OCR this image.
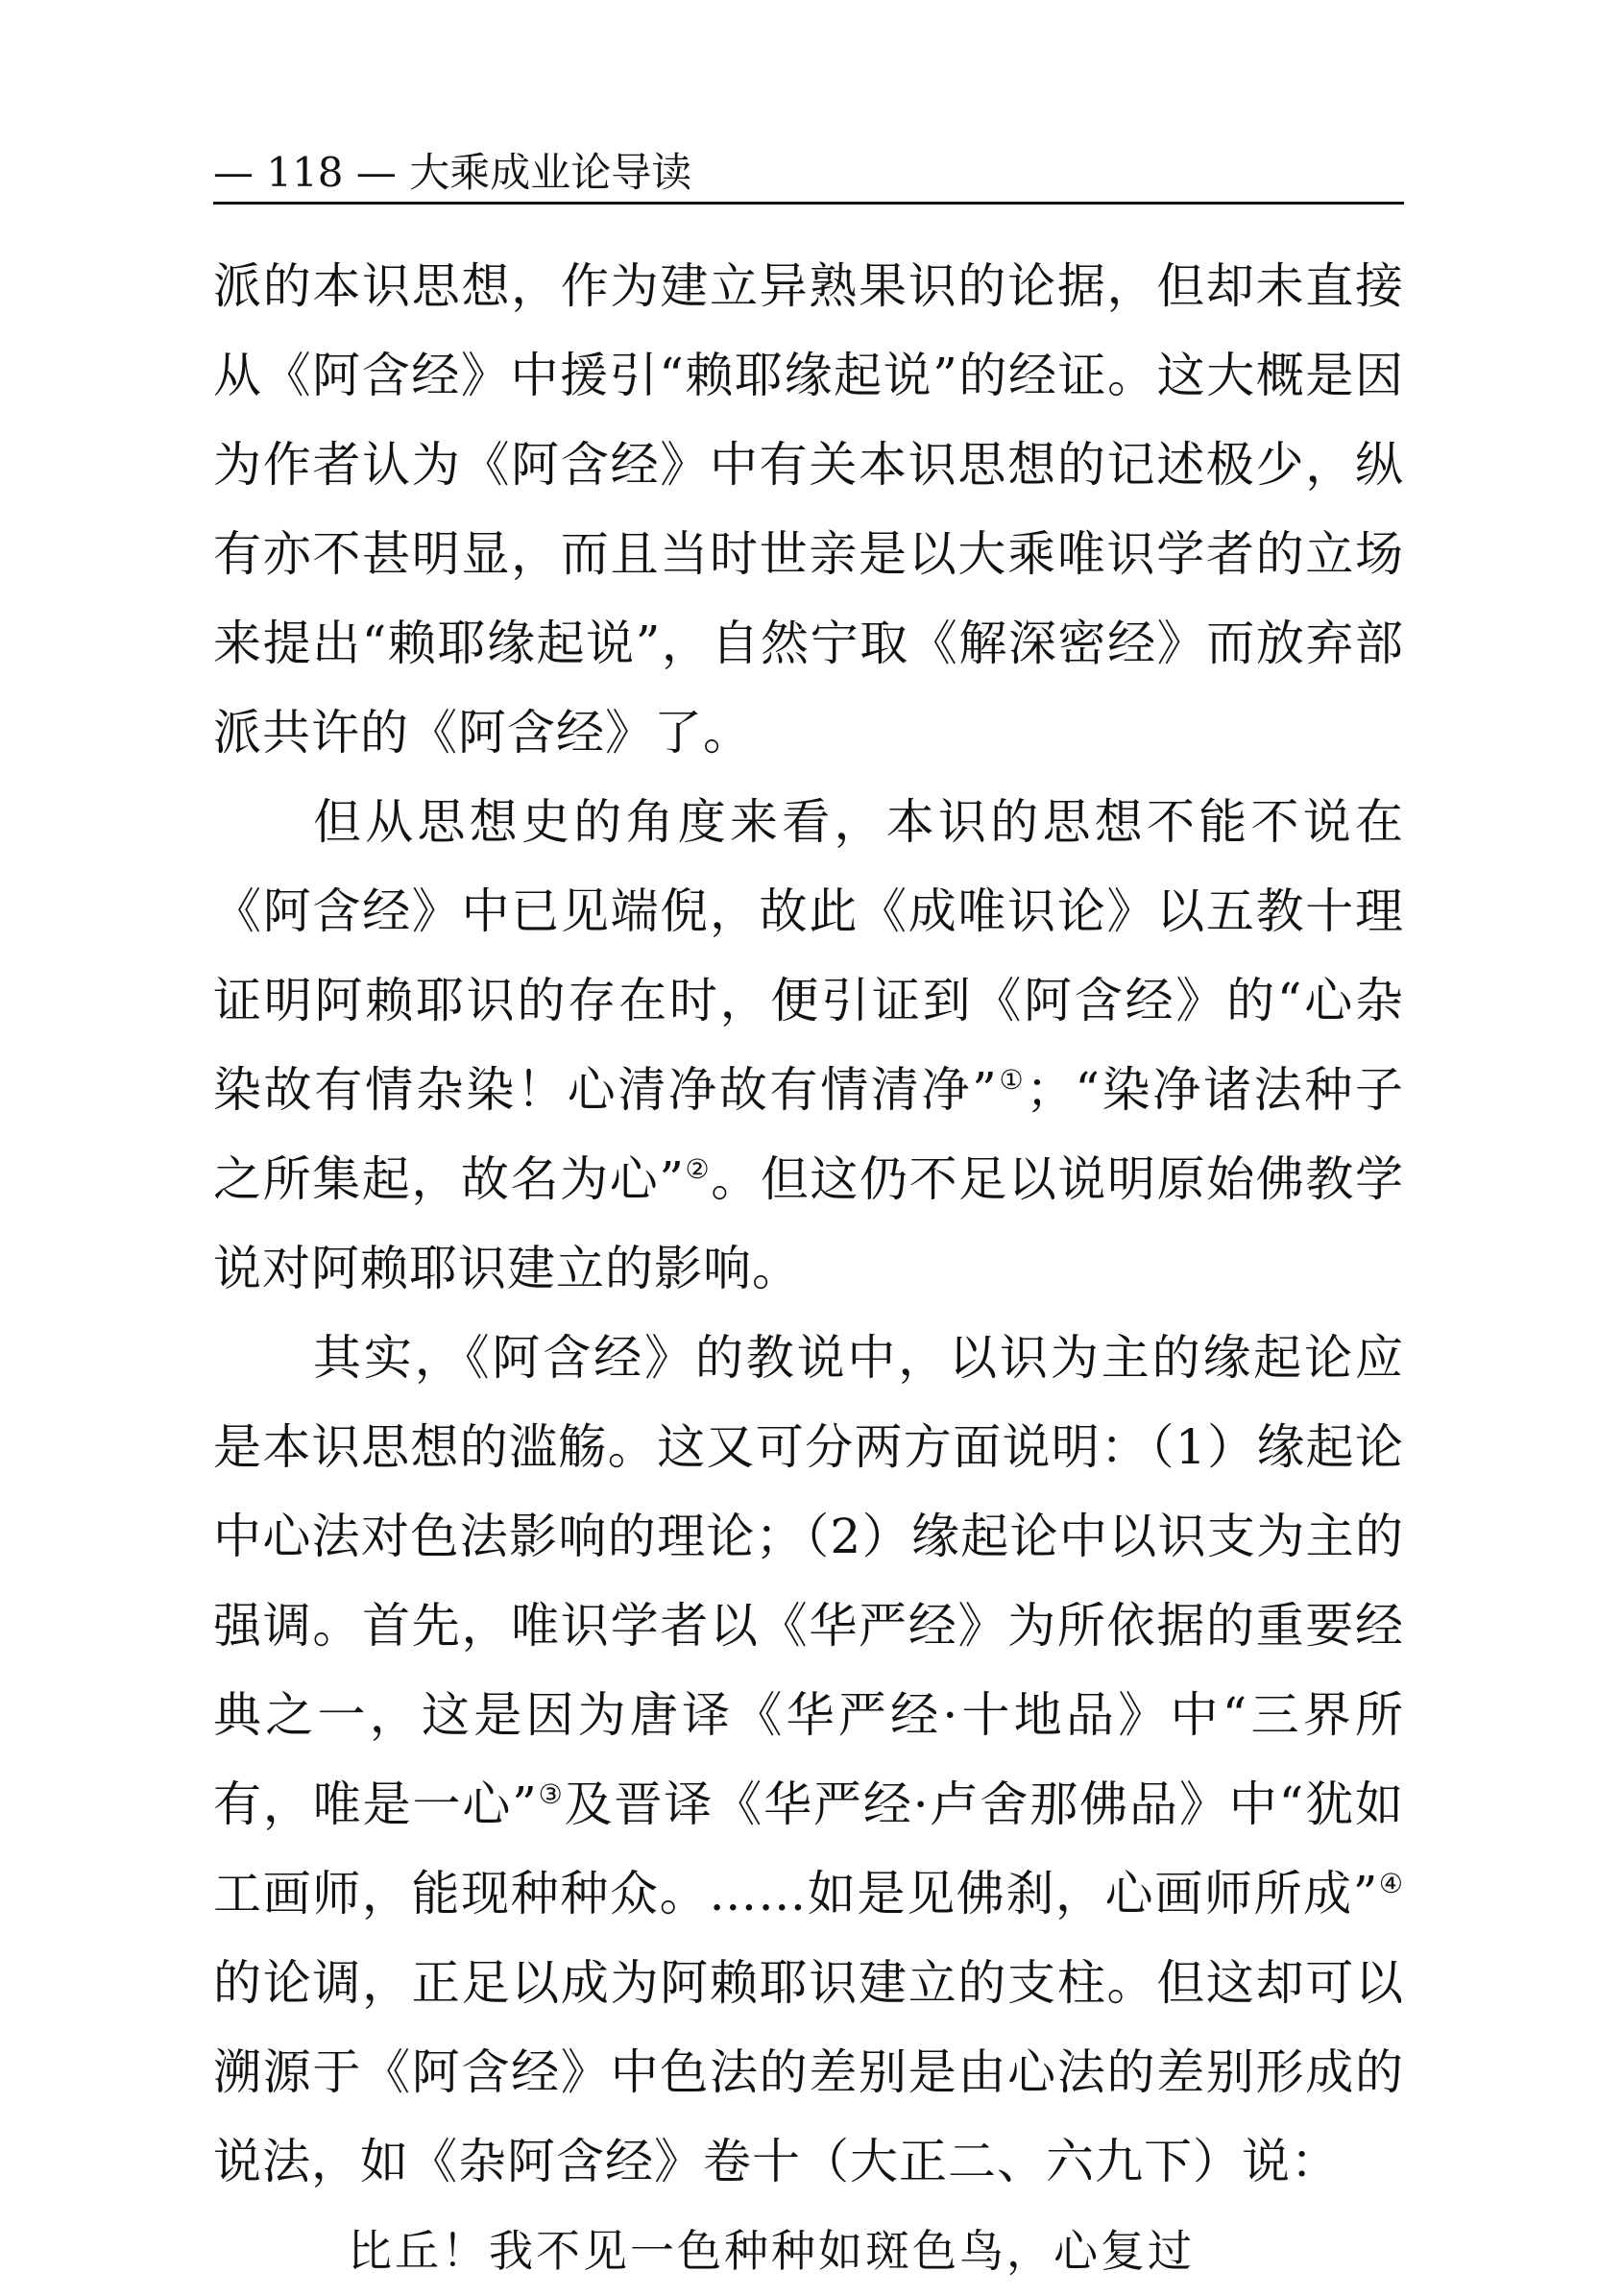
— 118 — 大乘成业论导读

派的本识思想，作为建立异熟果识的论据，但却未直接从《阿含经》中援引“赖耶缘起说”的经证。这大概是因为作者认为《阿含经》中有关本识思想的记述极少，纵有亦不甚明显，而且当时世亲是以大乘唯识学者的立场来提出“赖耶缘起说”，自然宁取《解深密经》而放弃部派共许的《阿含经》了。

但从思想史的角度来看，本识的思想不能不说在《阿含经》中已见端倪，故此《成唯识论》以五教十理证明阿赖耶识的存在时，便引证到《阿含经》的“心杂染故有情杂染！心清净故有情清净”①；“染净诸法种子之所集起，故名为心”②。但这仍不足以说明原始佛教学说对阿赖耶识建立的影响。

其实，《阿含经》的教说中，以识为主的缘起论应是本识思想的滥觞。这又可分两方面说明：（1）缘起论中心法对色法影响的理论；（2）缘起论中以识支为主的强调。首先，唯识学者以《华严经》为所依据的重要经典之一，这是因为唐译《华严经·十地品》中“三界所有，唯是一心”③及晋译《华严经·卢舍那佛品》中“犹如工画师，能现种种众。……如是见佛刹，心画师所成”④的论调，正足以成为阿赖耶识建立的支柱。但这却可以溯源于《阿含经》中色法的差别是由心法的差别形成的说法，如《杂阿含经》卷十（大正二、六九下）说：

比丘！我不见一色种种如斑色鸟，心复过
